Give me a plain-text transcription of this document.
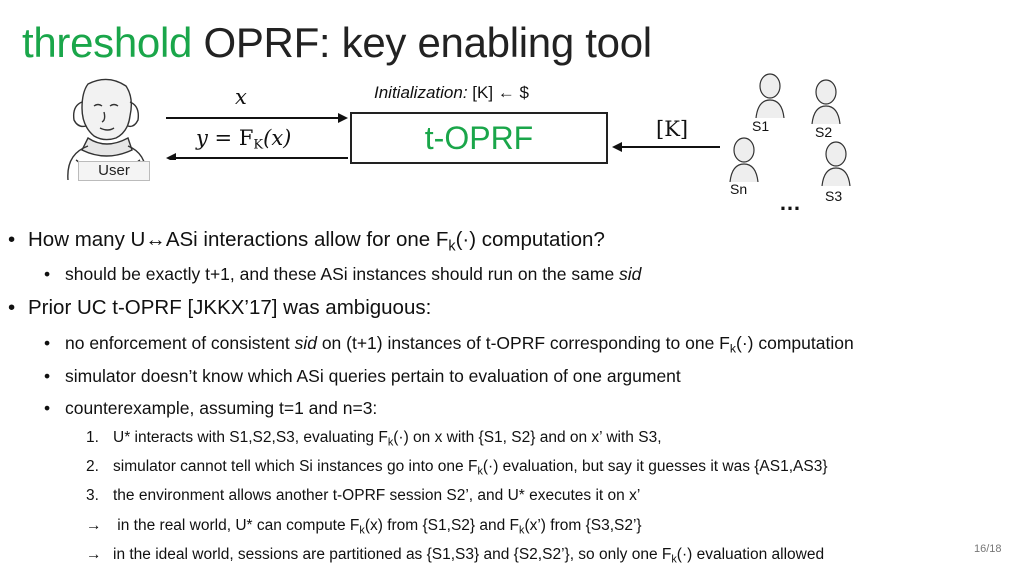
threshold OPRF: key enabling tool
User
x
$y = F_K(x)$
Initialization: [K] ← $
t-OPRF	[K]	S1	S2
Sn	S3
…
• How many U↔ASi interactions allow for one $F_k(\cdot)$ computation?
• should be exactly t+1, and these ASi instances should run on the same sid
• Prior UC t-OPRF [JKKX’17] was ambiguous:
• no enforcement of consistent sid on (t+1) instances of t-OPRF corresponding to one $F_k(\cdot)$ computation
• simulator doesn’t know which ASi queries pertain to evaluation of one argument
• counterexample, assuming t=1 and n=3:
1. U* interacts with S1,S2,S3, evaluating $F_k(\cdot)$ on x with {S1, S2} and on x’ with S3,
2. simulator cannot tell which Si instances go into one $F_k(\cdot)$ evaluation, but say it guesses it was {AS1,AS3}
3. the environment allows another t-OPRF session S2’, and U* executes it on x’
→ in the real world, U* can compute $F_k(x)$ from {S1,S2} and $F_k(x’)$ from {S3,S2’}
→ in the ideal world, sessions are partitioned as {S1,S3} and {S2,S2’}, so only one $F_k(\cdot)$ evaluation allowed	16/18
